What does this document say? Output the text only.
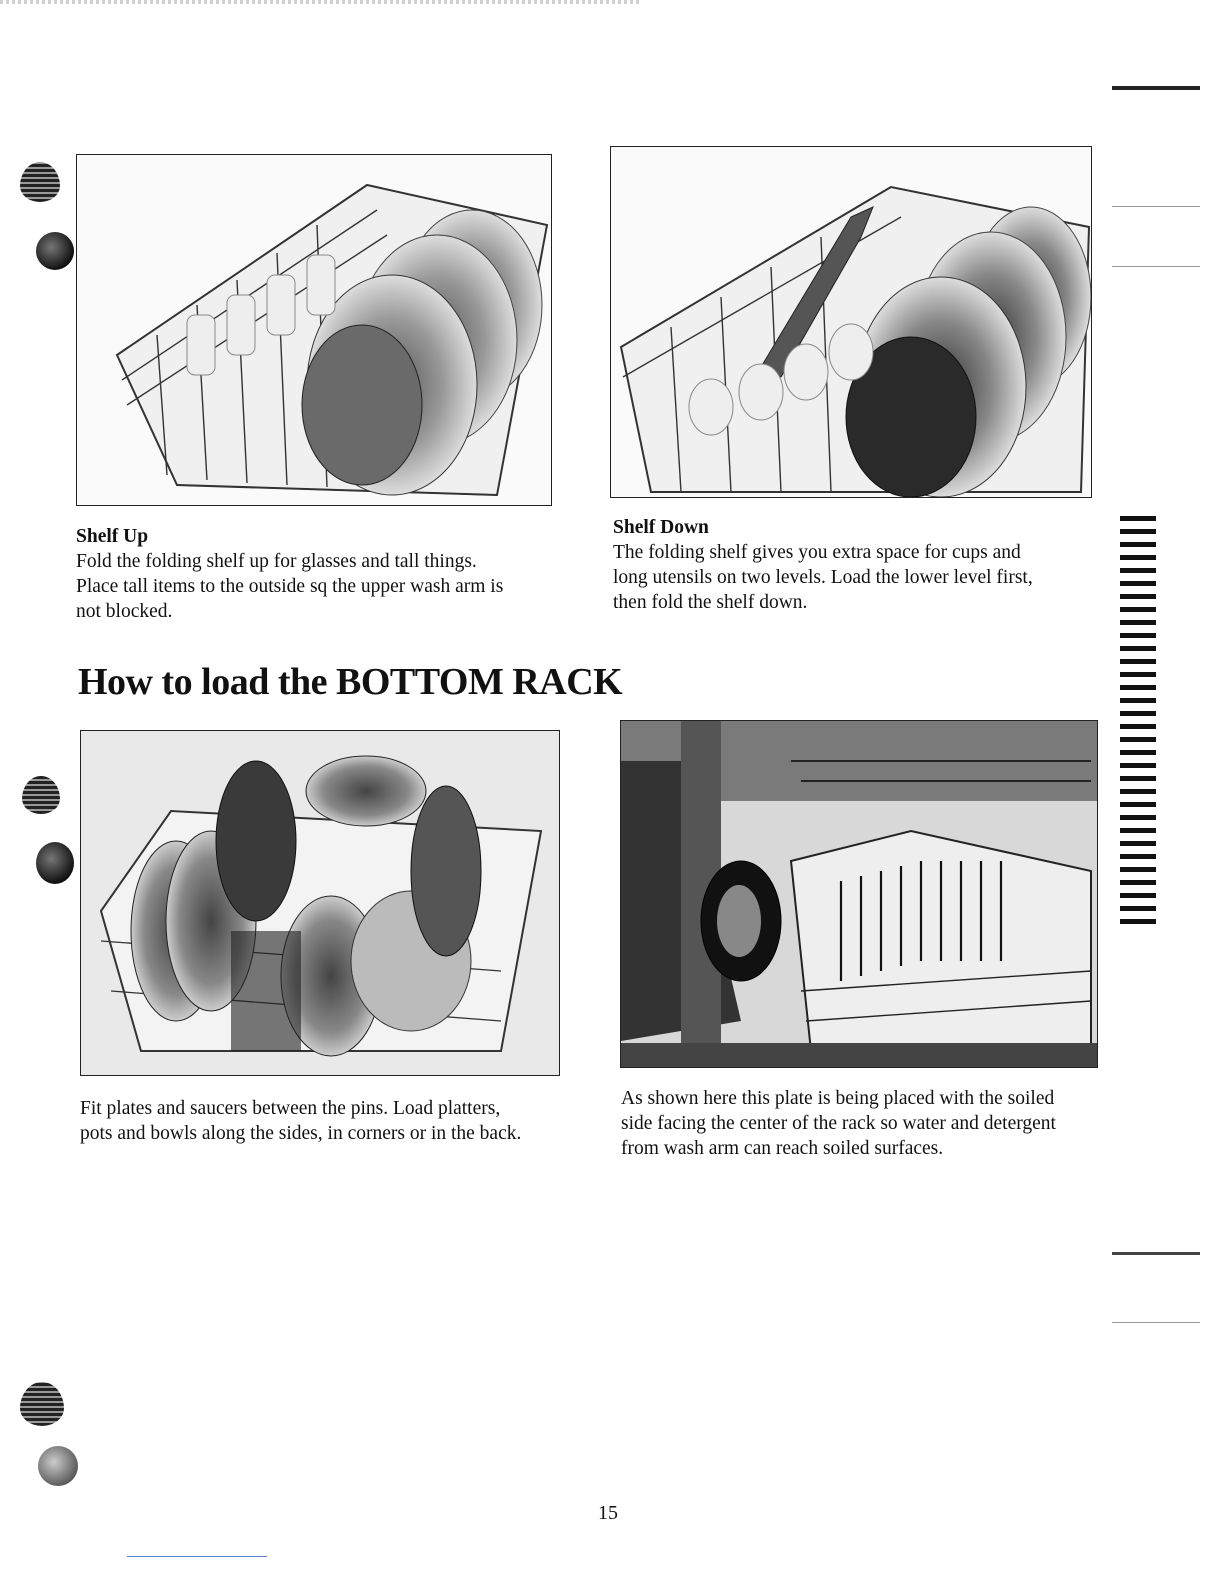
Shelf Up
Fold the folding shelf up for glasses and tall things.
Place tall items to the outside sq the upper wash arm is
not blocked.
Shelf Down
The folding shelf gives you extra space for cups and
long utensils on two levels. Load the lower level first,
then fold the shelf down.
How to load the BOTTOM RACK
Fit plates and saucers between the pins. Load platters,
pots and bowls along the sides, in corners or in the back.
As shown here this plate is being placed with the soiled
side facing the center of the rack so water and detergent
from wash arm can reach soiled surfaces.
15
